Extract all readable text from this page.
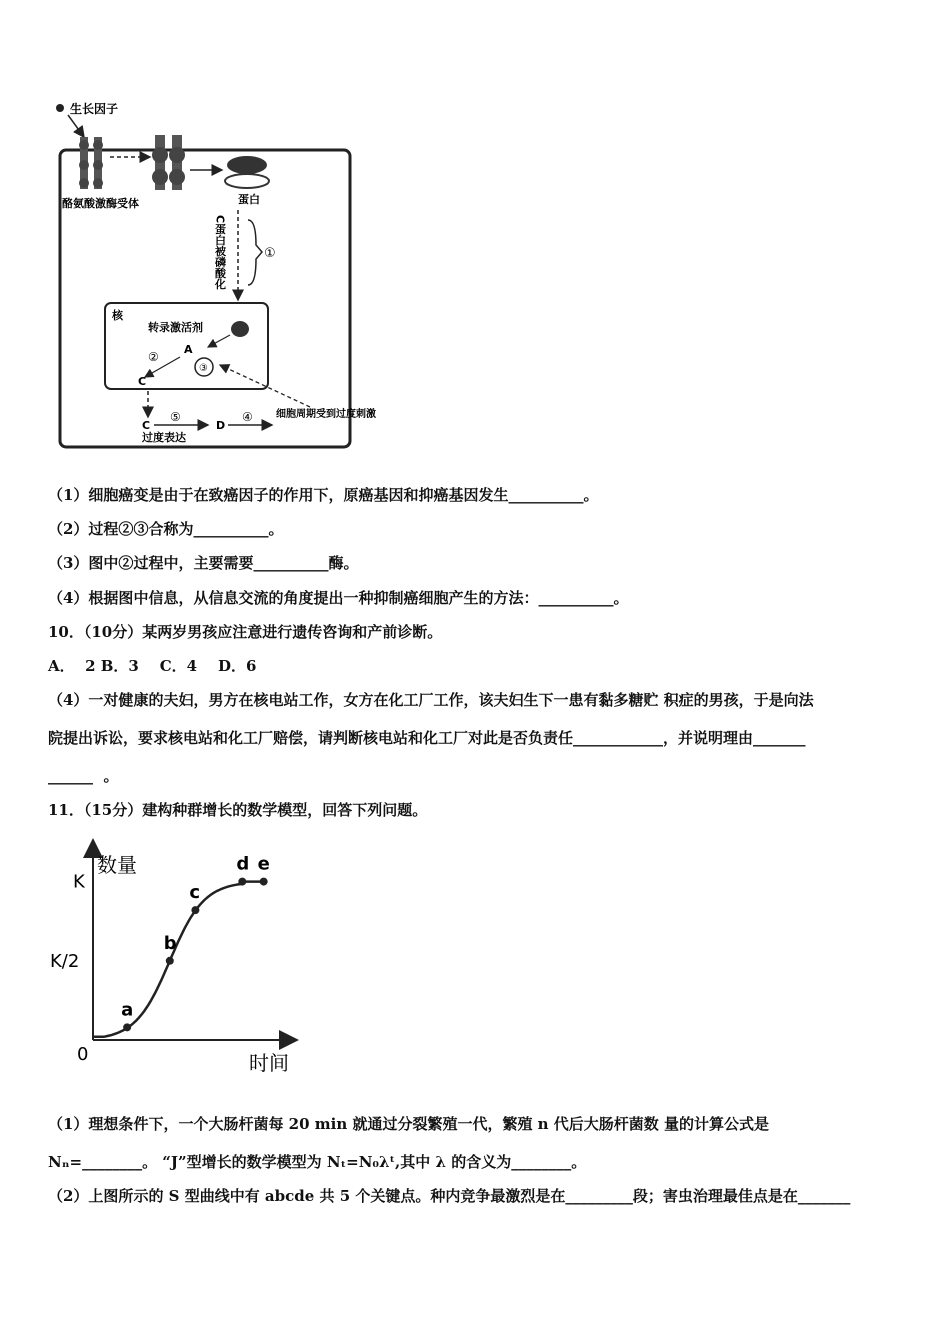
生长因子
酪氨酸激酶受体	蛋白
C蛋白被磷酸化	①
核
转录激活剂
A
③
②
C
C
⑤
过度表达
D
④ 细胞周期受到过度刺激
（1）细胞癌变是由于在致癌因子的作用下，原癌基因和抑癌基因发生__________。
（2）过程②③合称为__________。
（3）图中②过程中，主要需要__________酶。
（4）根据图中信息，从信息交流的角度提出一种抑制癌细胞产生的方法：__________。
10．（10分）某两岁男孩应注意进行遗传咨询和产前诊断。
A．  2 B．3    C．4    D．6
（4）一对健康的夫妇，男方在核电站工作，女方在化工厂工作，该夫妇生下一患有黏多糖贮 积症的男孩，于是向法
院提出诉讼，要求核电站和化工厂赔偿，请判断核电站和化工厂对此是否负责任____________，并说明理由_______
______  。
11．（15分）建构种群增长的数学模型，回答下列问题。
数量
时间
0
K
K/2
a
b
c
d e
（1）理想条件下，一个大肠杆菌每 20 min 就通过分裂繁殖一代，繁殖 n 代后大肠杆菌数 量的计算公式是
Nₙ=________。 “J”型增长的数学模型为 Nₜ=N₀λᵗ,其中 λ 的含义为________。
（2）上图所示的 S 型曲线中有 abcde 共 5 个关键点。种内竞争最激烈是在_________段；害虫治理最佳点是在_______
